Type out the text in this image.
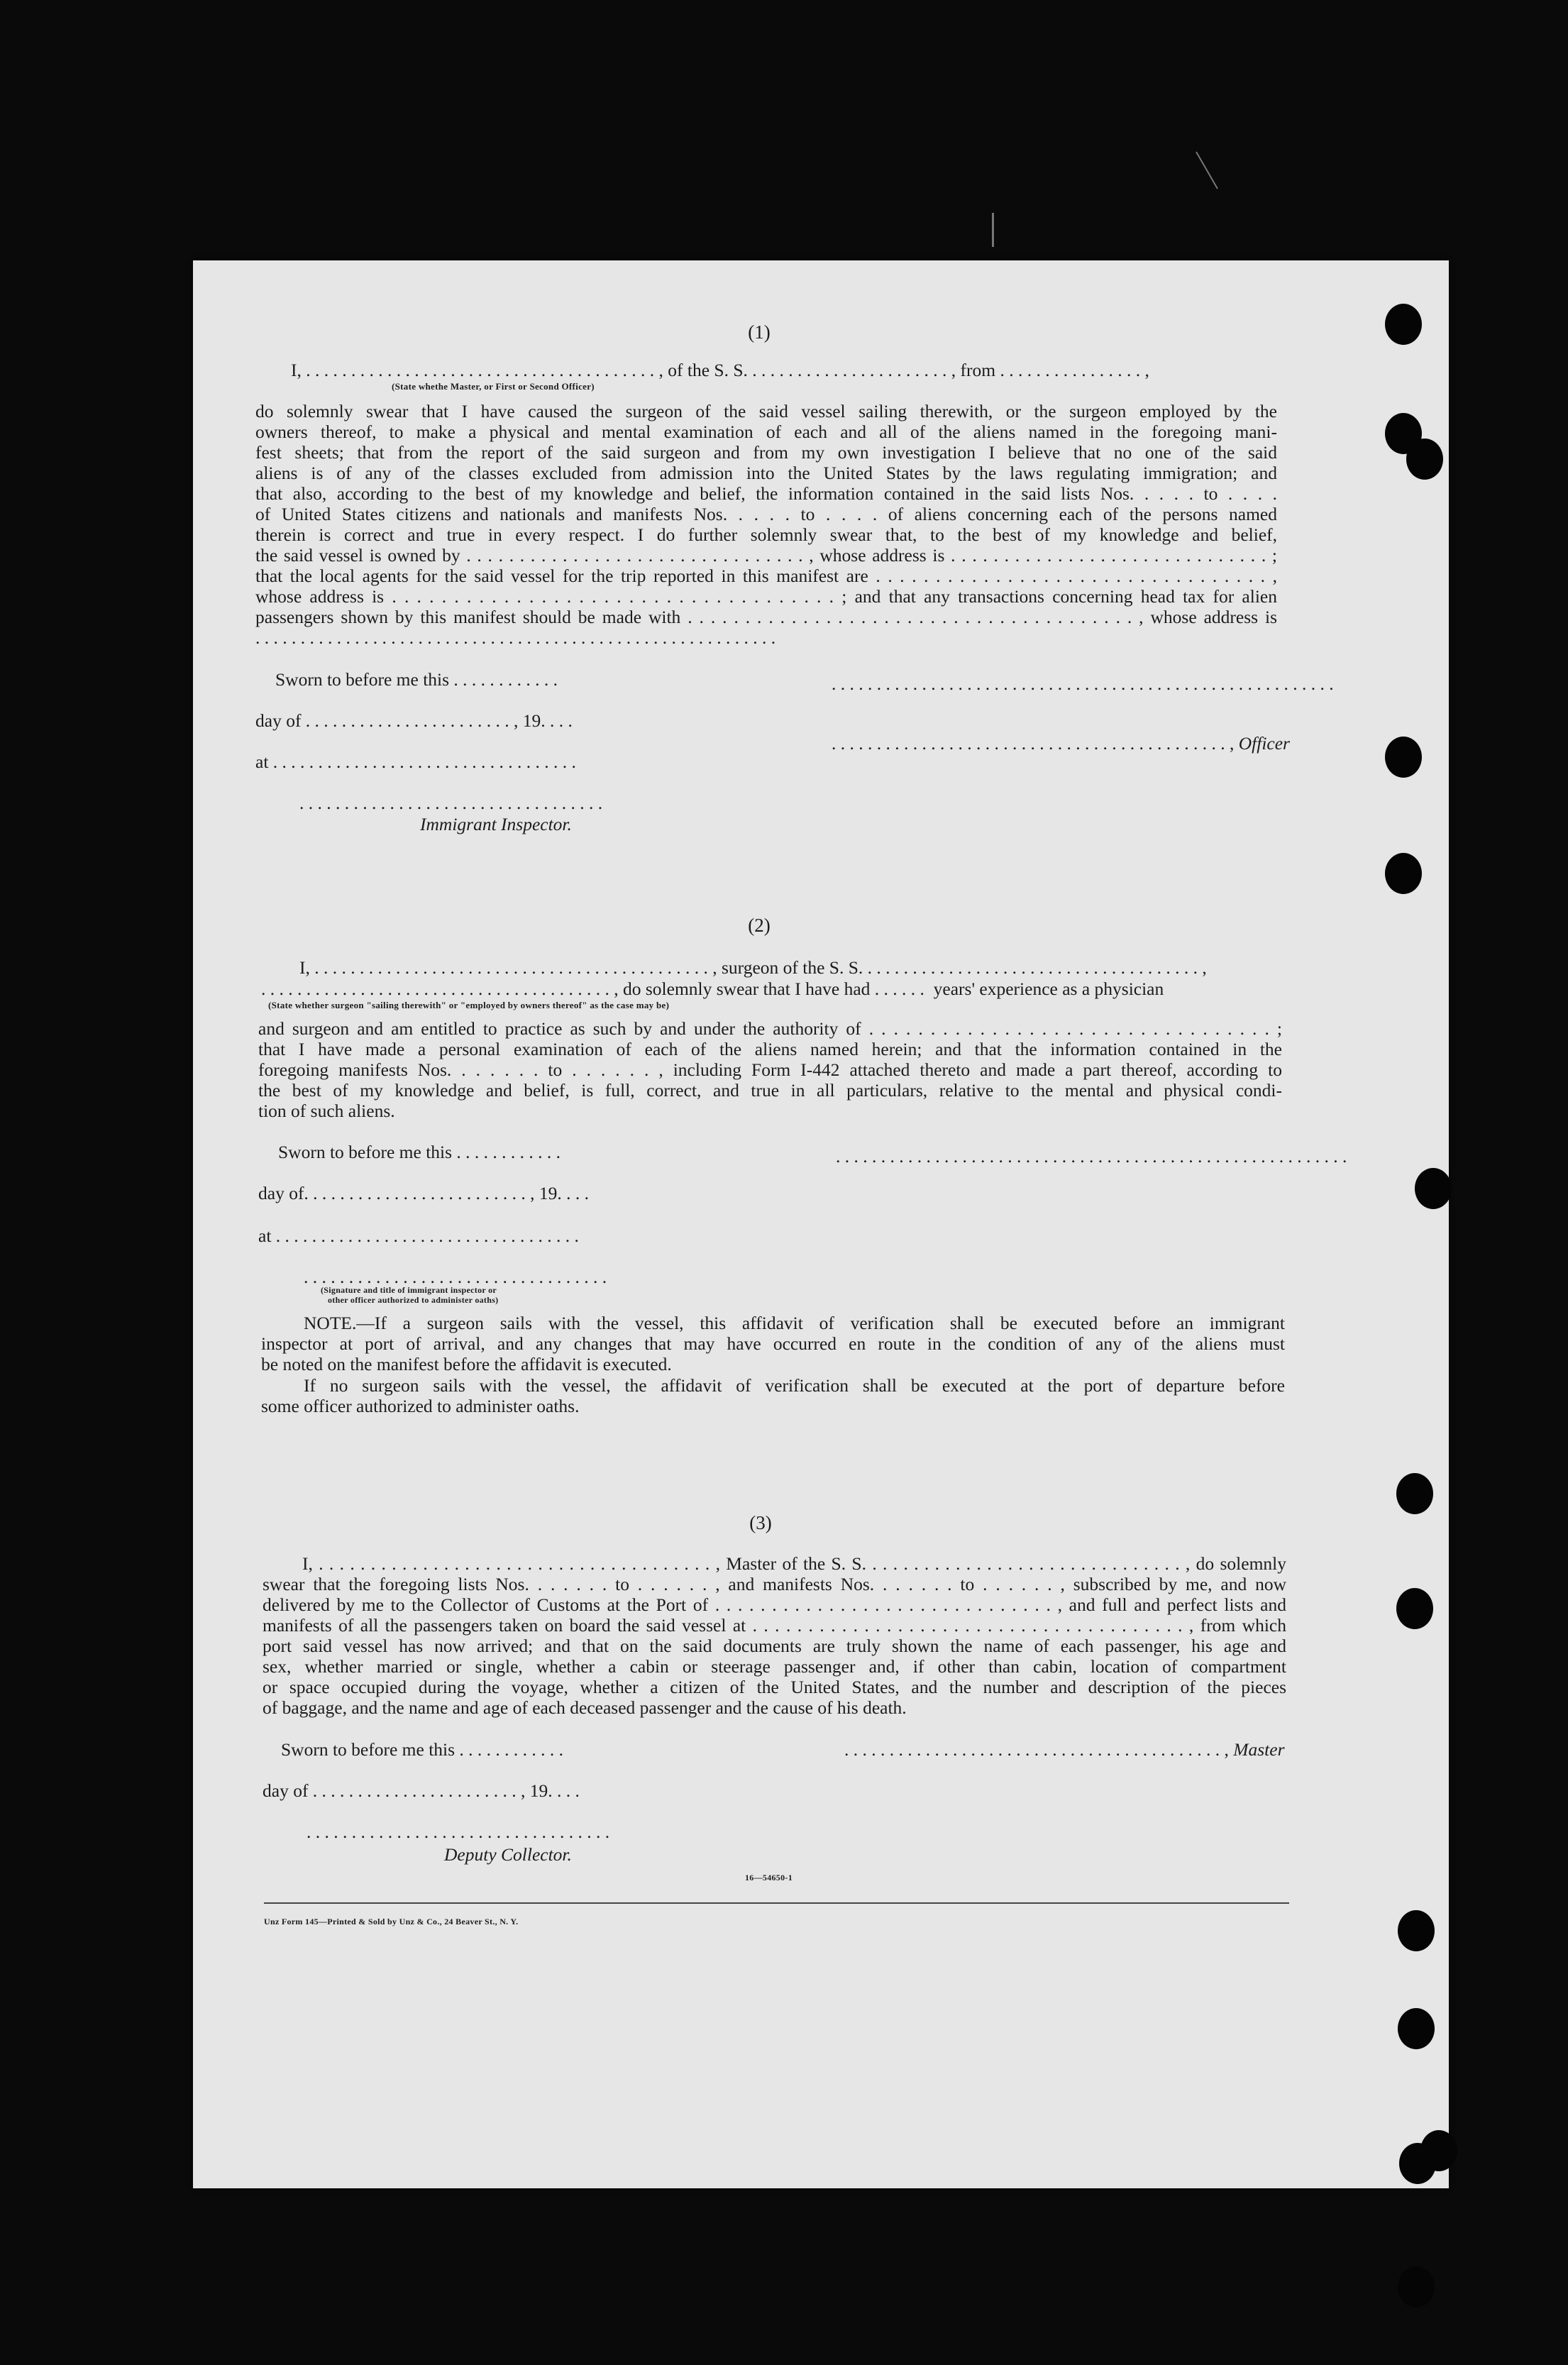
(1)
I, . . . . . . . . . . . . . . . . . . . . . . . . . . . . . . . . . . . . . . . , of the S. S. . . . . . . . . . . . . . . . . . . . . . . , from . . . . . . . . . . . . . . . . ,
(State whethe Master, or First or Second Officer)
do solemnly swear that I have caused the surgeon of the said vessel sailing therewith, or the surgeon employed by the
owners thereof, to make a physical and mental examination of each and all of the aliens named in the foregoing mani-
fest sheets; that from the report of the said surgeon and from my own investigation I believe that no one of the said
aliens is of any of the classes excluded from admission into the United States by the laws regulating immigration; and
that also, according to the best of my knowledge and belief, the information contained in the said lists Nos. . . . . to . . . .
of United States citizens and nationals and manifests Nos. . . . . to . . . . of aliens concerning each of the persons named
therein is correct and true in every respect. I do further solemnly swear that, to the best of my knowledge and belief,
the said vessel is owned by . . . . . . . . . . . . . . . . . . . . . . . . . . . . . . . . , whose address is . . . . . . . . . . . . . . . . . . . . . . . . . . . . . . ;
that the local agents for the said vessel for the trip reported in this manifest are . . . . . . . . . . . . . . . . . . . . . . . . . . . . . . . . . ,
whose address is . . . . . . . . . . . . . . . . . . . . . . . . . . . . . . . . . . . . ; and that any transactions concerning head tax for alien
passengers shown by this manifest should be made with . . . . . . . . . . . . . . . . . . . . . . . . . . . . . . . . . . . . . . . , whose address is
. . . . . . . . . . . . . . . . . . . . . . . . . . . . . . . . . . . . . . . . . . . . . . . . . . . . . . . . . .
Sworn to before me this . . . . . . . . . . . .	. . . . . . . . . . . . . . . . . . . . . . . . . . . . . . . . . . . . . . . . . . . . . . . . . . . . . . . .
day of . . . . . . . . . . . . . . . . . . . . . . . , 19. . . .
. . . . . . . . . . . . . . . . . . . . . . . . . . . . . . . . . . . . . . . . . . . . , Officer
at . . . . . . . . . . . . . . . . . . . . . . . . . . . . . . . . . .
. . . . . . . . . . . . . . . . . . . . . . . . . . . . . . . . . .
Immigrant Inspector.
(2)
I, . . . . . . . . . . . . . . . . . . . . . . . . . . . . . . . . . . . . . . . . . . . . , surgeon of the S. S. . . . . . . . . . . . . . . . . . . . . . . . . . . . . . . . . . . . . . ,
. . . . . . . . . . . . . . . . . . . . . . . . . . . . . . . . . . . . . . . , do solemnly swear that I have had . . . . . .  years' experience as a physician
(State whether surgeon "sailing therewith" or "employed by owners thereof" as the case may be)
and surgeon and am entitled to practice as such by and under the authority of . . . . . . . . . . . . . . . . . . . . . . . . . . . . . . . . . ;
that I have made a personal examination of each of the aliens named herein; and that the information contained in the
foregoing manifests Nos. . . . . . . to . . . . . . , including Form I-442 attached thereto and made a part thereof, according to
the best of my knowledge and belief, is full, correct, and true in all particulars, relative to the mental and physical condi-
tion of such aliens.
Sworn to before me this . . . . . . . . . . . .	. . . . . . . . . . . . . . . . . . . . . . . . . . . . . . . . . . . . . . . . . . . . . . . . . . . . . . . . .
day of. . . . . . . . . . . . . . . . . . . . . . . . . , 19. . . .
at . . . . . . . . . . . . . . . . . . . . . . . . . . . . . . . . . .
. . . . . . . . . . . . . . . . . . . . . . . . . . . . . . . . . .
(Signature and title of immigrant inspector or
other officer authorized to administer oaths)
NOTE.—If a surgeon sails with the vessel, this affidavit of verification shall be executed before an immigrant
inspector at port of arrival, and any changes that may have occurred en route in the condition of any of the aliens must
be noted on the manifest before the affidavit is executed.
If no surgeon sails with the vessel, the affidavit of verification shall be executed at the port of departure before
some officer authorized to administer oaths.
(3)
I, . . . . . . . . . . . . . . . . . . . . . . . . . . . . . . . . . . . . . . , Master of the S. S. . . . . . . . . . . . . . . . . . . . . . . . . . . . . . . , do solemnly
swear that the foregoing lists Nos. . . . . . . to . . . . . . , and manifests Nos. . . . . . . to . . . . . . , subscribed by me, and now
delivered by me to the Collector of Customs at the Port of . . . . . . . . . . . . . . . . . . . . . . . . . . . . . . , and full and perfect lists and
manifests of all the passengers taken on board the said vessel at . . . . . . . . . . . . . . . . . . . . . . . . . . . . . . . . . . . . . . . , from which
port said vessel has now arrived; and that on the said documents are truly shown the name of each passenger, his age and
sex, whether married or single, whether a cabin or steerage passenger and, if other than cabin, location of compartment
or space occupied during the voyage, whether a citizen of the United States, and the number and description of the pieces
of baggage, and the name and age of each deceased passenger and the cause of his death.
Sworn to before me this . . . . . . . . . . . .	. . . . . . . . . . . . . . . . . . . . . . . . . . . . . . . . . . . . . . . . . . , Master
day of . . . . . . . . . . . . . . . . . . . . . . . , 19. . . .
. . . . . . . . . . . . . . . . . . . . . . . . . . . . . . . . . .
Deputy Collector.
16—54650-1
Unz Form 145—Printed & Sold by Unz & Co., 24 Beaver St., N. Y.
